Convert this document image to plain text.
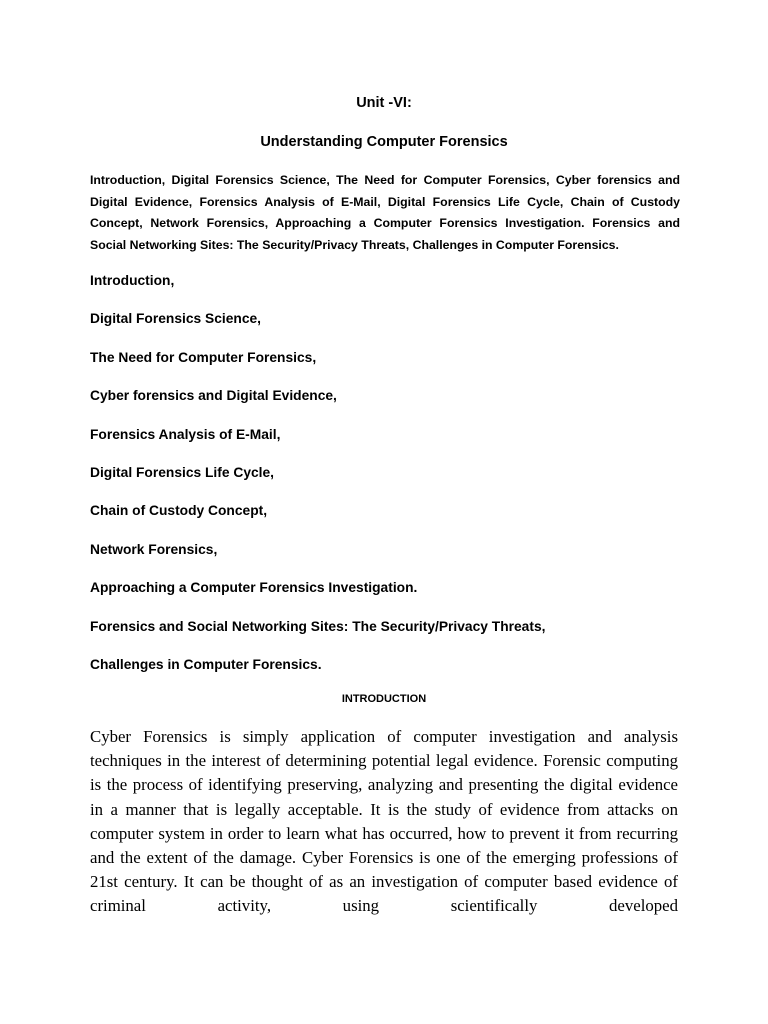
Unit -VI:
Understanding Computer Forensics
Introduction, Digital Forensics Science, The Need for Computer Forensics, Cyber forensics and Digital Evidence, Forensics Analysis of E-Mail, Digital Forensics Life Cycle, Chain of Custody Concept, Network Forensics, Approaching a Computer Forensics Investigation. Forensics and Social Networking Sites: The Security/Privacy Threats, Challenges in Computer Forensics.
Introduction,
Digital Forensics Science,
The Need for Computer Forensics,
Cyber forensics and Digital Evidence,
Forensics Analysis of E-Mail,
Digital Forensics Life Cycle,
Chain of Custody Concept,
Network Forensics,
Approaching a Computer Forensics Investigation.
Forensics and Social Networking Sites: The Security/Privacy Threats,
Challenges in Computer Forensics.
INTRODUCTION

Cyber Forensics is simply application of computer investigation and analysis techniques in the interest of determining potential legal evidence. Forensic computing is the process of identifying preserving, analyzing and presenting the digital evidence in a manner that is legally acceptable. It is the study of evidence from attacks on computer system in order to learn what has occurred, how to prevent it from recurring and the extent of the damage. Cyber Forensics is one of the emerging professions of 21st century. It can be thought of as an investigation of computer based evidence of criminal activity, using scientifically developed
